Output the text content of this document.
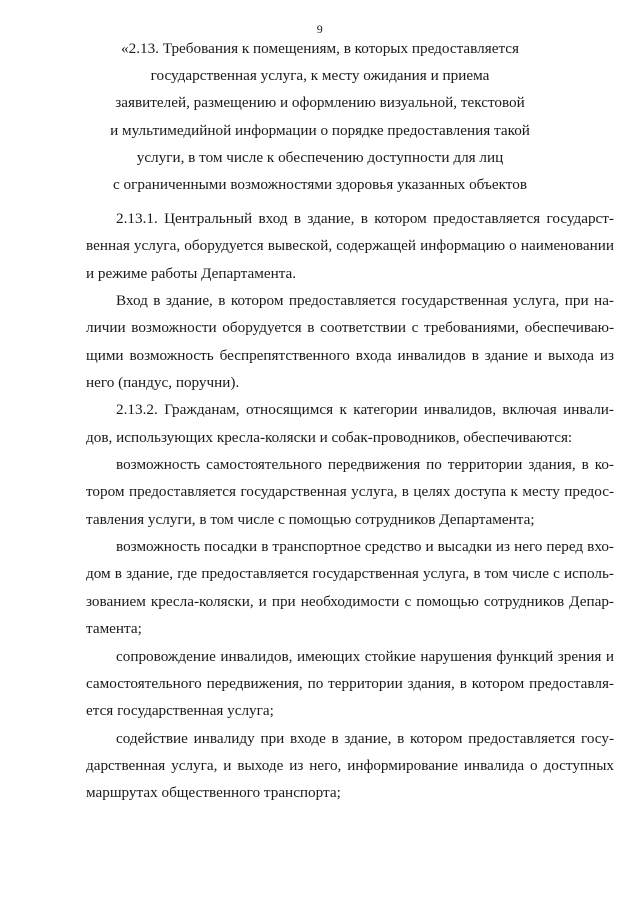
9
«2.13. Требования к помещениям, в которых предоставляется
государственная услуга, к месту ожидания и приема
заявителей, размещению и оформлению визуальной, текстовой
и мультимедийной информации о порядке предоставления такой
услуги, в том числе к обеспечению доступности для лиц
с ограниченными возможностями здоровья указанных объектов
2.13.1. Центральный вход в здание, в котором предоставляется государст-
венная услуга, оборудуется вывеской, содержащей информацию о наименовании
и режиме работы Департамента.
Вход в здание, в котором предоставляется государственная услуга, при на-
личии возможности оборудуется в соответствии с требованиями, обеспечиваю-
щими возможность беспрепятственного входа инвалидов в здание и выхода из
него (пандус, поручни).
2.13.2. Гражданам, относящимся к категории инвалидов, включая инвали-
дов, использующих кресла-коляски и собак-проводников, обеспечиваются:
возможность самостоятельного передвижения по территории здания, в ко-
тором предоставляется государственная услуга, в целях доступа к месту предос-
тавления услуги, в том числе с помощью сотрудников Департамента;
возможность посадки в транспортное средство и высадки из него перед вхо-
дом в здание, где предоставляется государственная услуга, в том числе с исполь-
зованием кресла-коляски, и при необходимости с помощью сотрудников Депар-
тамента;
сопровождение инвалидов, имеющих стойкие нарушения функций зрения и
самостоятельного передвижения, по территории здания, в котором предоставля-
ется государственная услуга;
содействие инвалиду при входе в здание, в котором предоставляется госу-
дарственная услуга, и выходе из него, информирование инвалида о доступных
маршрутах общественного транспорта;
